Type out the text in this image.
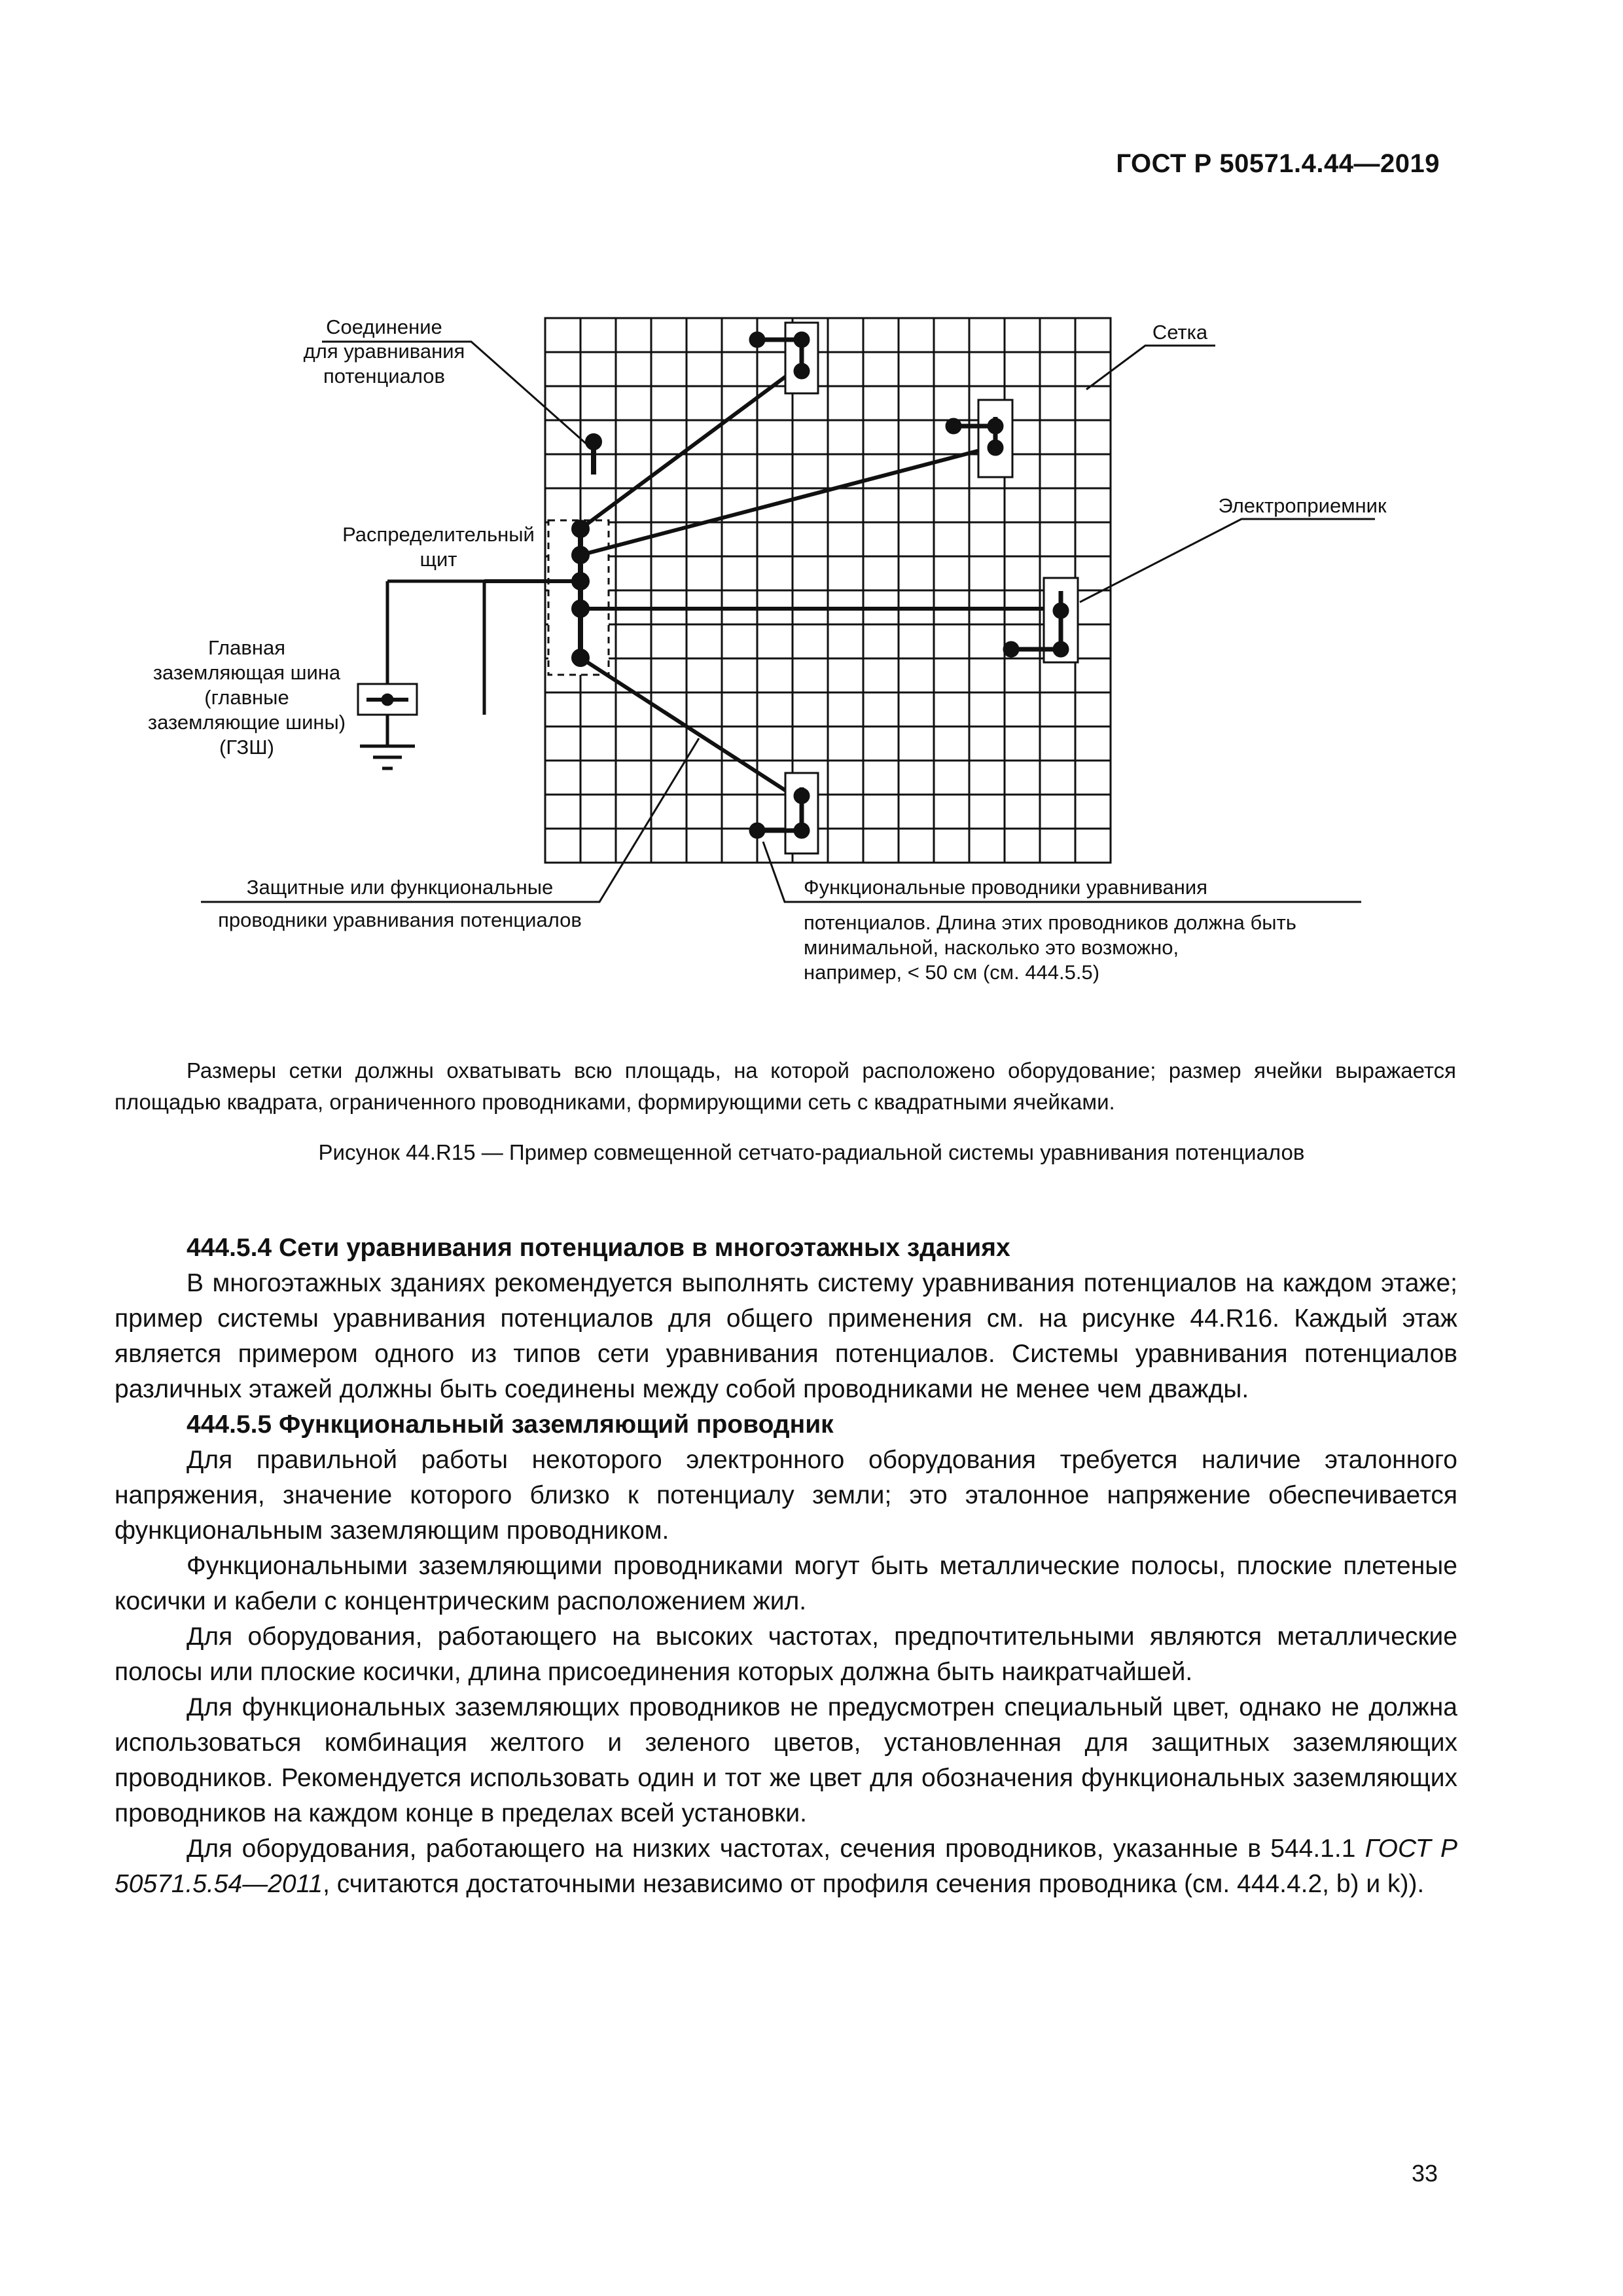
ГОСТ Р 50571.4.44—2019
Соединение
для уравнивания
потенциалов
Сетка
Распределительный
щит
Электроприемник
Главная
заземляющая шина
(главные
заземляющие шины)
(ГЗШ)
Защитные или функциональные
проводники уравнивания потенциалов
Функциональные проводники уравнивания
потенциалов. Длина этих проводников должна быть
минимальной, насколько это возможно,
например, < 50 см (см. 444.5.5)
Размеры сетки должны охватывать всю площадь, на которой расположено оборудование; размер ячейки выражается площадью квадрата, ограниченного проводниками, формирующими сеть с квадратными ячейками.
Рисунок 44.R15 — Пример совмещенной сетчато-радиальной системы уравнивания потенциалов
444.5.4 Сети уравнивания потенциалов в многоэтажных зданиях

В многоэтажных зданиях рекомендуется выполнять систему уравнивания потенциалов на каждом этаже; пример системы уравнивания потенциалов для общего применения см. на рисунке 44.R16. Каждый этаж является примером одного из типов сети уравнивания потенциалов. Системы уравнивания потенциалов различных этажей должны быть соединены между собой проводниками не менее чем дважды.

444.5.5 Функциональный заземляющий проводник

Для правильной работы некоторого электронного оборудования требуется наличие эталонного напряжения, значение которого близко к потенциалу земли; это эталонное напряжение обеспечивается функциональным заземляющим проводником.

Функциональными заземляющими проводниками могут быть металлические полосы, плоские плетеные косички и кабели с концентрическим расположением жил.

Для оборудования, работающего на высоких частотах, предпочтительными являются металлические полосы или плоские косички, длина присоединения которых должна быть наикратчайшей.

Для функциональных заземляющих проводников не предусмотрен специальный цвет, однако не должна использоваться комбинация желтого и зеленого цветов, установленная для защитных заземляющих проводников. Рекомендуется использовать один и тот же цвет для обозначения функциональных заземляющих проводников на каждом конце в пределах всей установки.

Для оборудования, работающего на низких частотах, сечения проводников, указанные в 544.1.1 ГОСТ Р 50571.5.54—2011, считаются достаточными независимо от профиля сечения проводника (см. 444.4.2, b) и k)).

33
